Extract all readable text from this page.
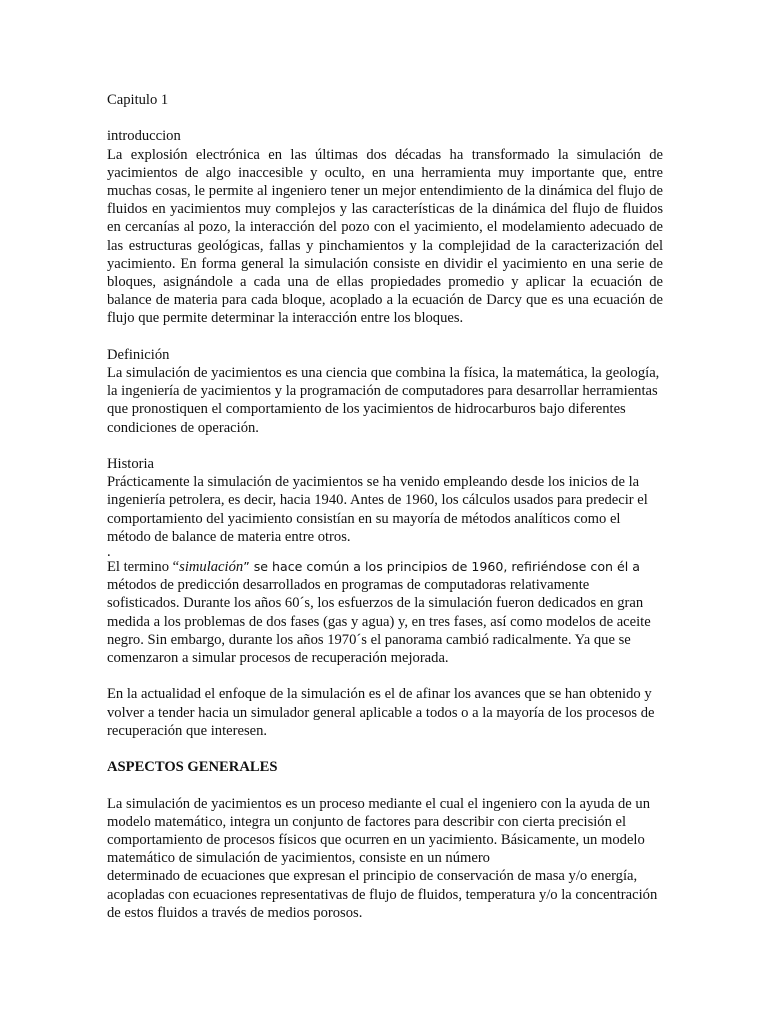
Capitulo 1

introduccion

La explosión electrónica en las últimas dos décadas ha transformado la simulación de yacimientos de algo inaccesible y oculto, en una herramienta muy importante que, entre muchas cosas, le permite al ingeniero tener un mejor entendimiento de la dinámica del flujo de fluidos en yacimientos muy complejos y las características de la dinámica del flujo de fluidos en cercanías al pozo, la interacción del pozo con el yacimiento, el modelamiento adecuado de las estructuras geológicas, fallas y pinchamientos y la complejidad de la caracterización del yacimiento. En forma general la simulación consiste en dividir el yacimiento en una serie de bloques, asignándole a cada una de ellas propiedades promedio y aplicar la ecuación de balance de materia para cada bloque, acoplado a la ecuación de Darcy que es una ecuación de flujo que permite determinar la interacción entre los bloques.

Definición

La simulación de yacimientos es una ciencia que combina la física, la matemática, la geología, la ingeniería de yacimientos y la programación de computadores para desarrollar herramientas que pronostiquen el comportamiento de los yacimientos de hidrocarburos bajo diferentes condiciones de operación.

Historia

Prácticamente la simulación de yacimientos se ha venido empleando desde los inicios de la ingeniería petrolera, es decir, hacia 1940. Antes de 1960, los cálculos usados para predecir el comportamiento del yacimiento consistían en su mayoría de métodos analíticos como el método de balance de materia entre otros.

.

El termino “simulación” se hace común a los principios de 1960, refiriéndose con él a

métodos de predicción desarrollados en programas de computadoras relativamente sofisticados. Durante los años 60´s, los esfuerzos de la simulación fueron dedicados en gran medida a los problemas de dos fases (gas y agua) y, en tres fases, así como modelos de aceite negro. Sin embargo, durante los años 1970´s el panorama cambió radicalmente. Ya que se comenzaron a simular procesos de recuperación mejorada.

En la actualidad el enfoque de la simulación es el de afinar los avances que se han obtenido y volver a tender hacia un simulador general aplicable a todos o a la mayoría de los procesos de recuperación que interesen.

ASPECTOS GENERALES

La simulación de yacimientos es un proceso mediante el cual el ingeniero con la ayuda de un modelo matemático, integra un conjunto de factores para describir con cierta precisión el comportamiento de procesos físicos que ocurren en un yacimiento. Básicamente, un modelo matemático de simulación de yacimientos, consiste en un número

determinado de ecuaciones que expresan el principio de conservación de masa y/o energía, acopladas con ecuaciones representativas de flujo de fluidos, temperatura y/o la concentración de estos fluidos a través de medios porosos.
